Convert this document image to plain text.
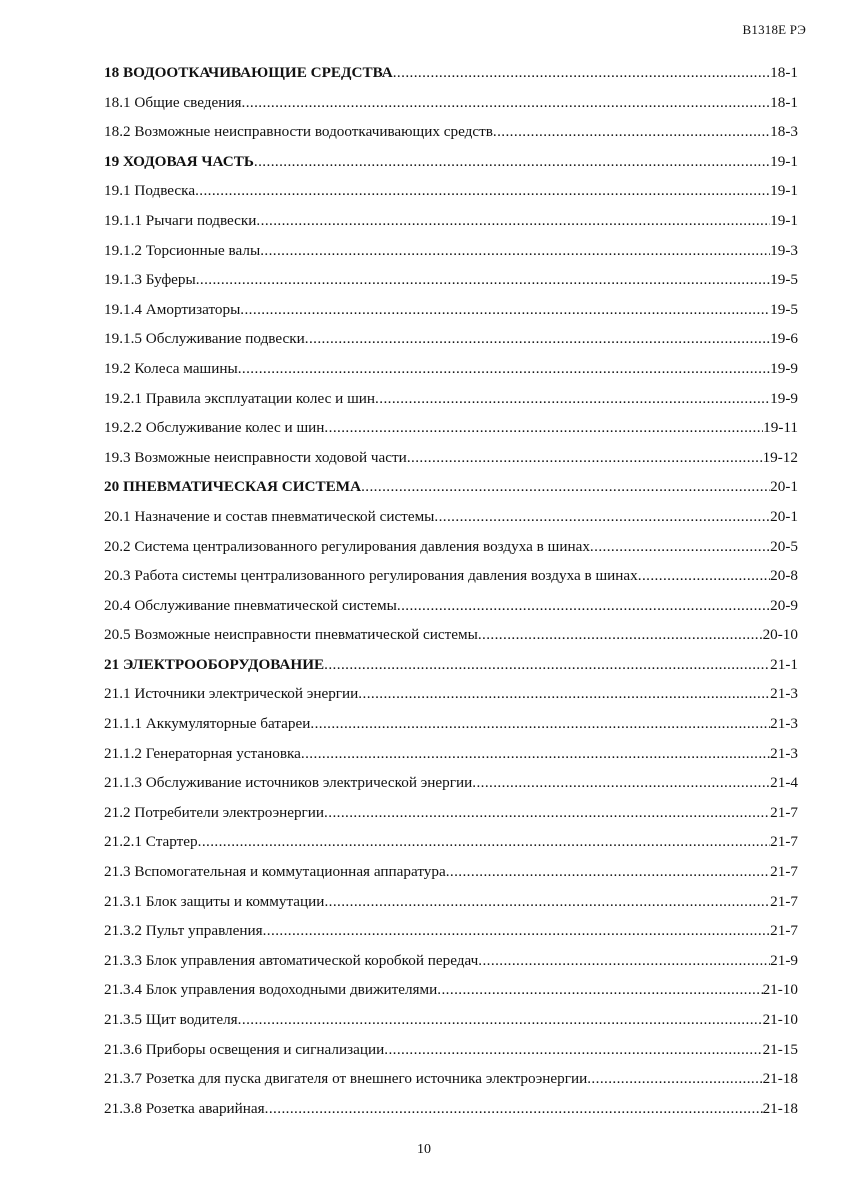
В1318Е РЭ
18 ВОДООТКАЧИВАЮЩИЕ СРЕДСТВА .....	18-1
18.1 Общие сведения .....	18-1
18.2 Возможные неисправности водооткачивающих средств .....	18-3
19 ХОДОВАЯ ЧАСТЬ .....	19-1
19.1 Подвеска .....	19-1
19.1.1 Рычаги подвески .....	19-1
19.1.2 Торсионные валы .....	19-3
19.1.3 Буферы .....	19-5
19.1.4 Амортизаторы .....	19-5
19.1.5 Обслуживание подвески .....	19-6
19.2 Колеса машины .....	19-9
19.2.1 Правила эксплуатации колес и шин .....	19-9
19.2.2 Обслуживание колес и шин .....	19-11
19.3 Возможные неисправности ходовой части .....	19-12
20 ПНЕВМАТИЧЕСКАЯ СИСТЕМА .....	20-1
20.1 Назначение и состав пневматической системы .....	20-1
20.2 Система централизованного регулирования давления воздуха в шинах .....	20-5
20.3 Работа системы централизованного регулирования давления воздуха в шинах .....	20-8
20.4 Обслуживание пневматической системы .....	20-9
20.5 Возможные неисправности пневматической системы .....	20-10
21 ЭЛЕКТРООБОРУДОВАНИЕ .....	21-1
21.1 Источники электрической энергии .....	21-3
21.1.1 Аккумуляторные батареи .....	21-3
21.1.2 Генераторная установка .....	21-3
21.1.3 Обслуживание источников электрической энергии .....	21-4
21.2 Потребители электроэнергии .....	21-7
21.2.1 Стартер .....	21-7
21.3 Вспомогательная и коммутационная аппаратура .....	21-7
21.3.1 Блок защиты и коммутации .....	21-7
21.3.2 Пульт управления .....	21-7
21.3.3 Блок управления автоматической коробкой передач .....	21-9
21.3.4 Блок управления водоходными движителями .....	21-10
21.3.5 Щит водителя .....	21-10
21.3.6 Приборы освещения и сигнализации .....	21-15
21.3.7 Розетка для пуска двигателя от внешнего источника электроэнергии .....	21-18
21.3.8 Розетка аварийная .....	21-18
10
